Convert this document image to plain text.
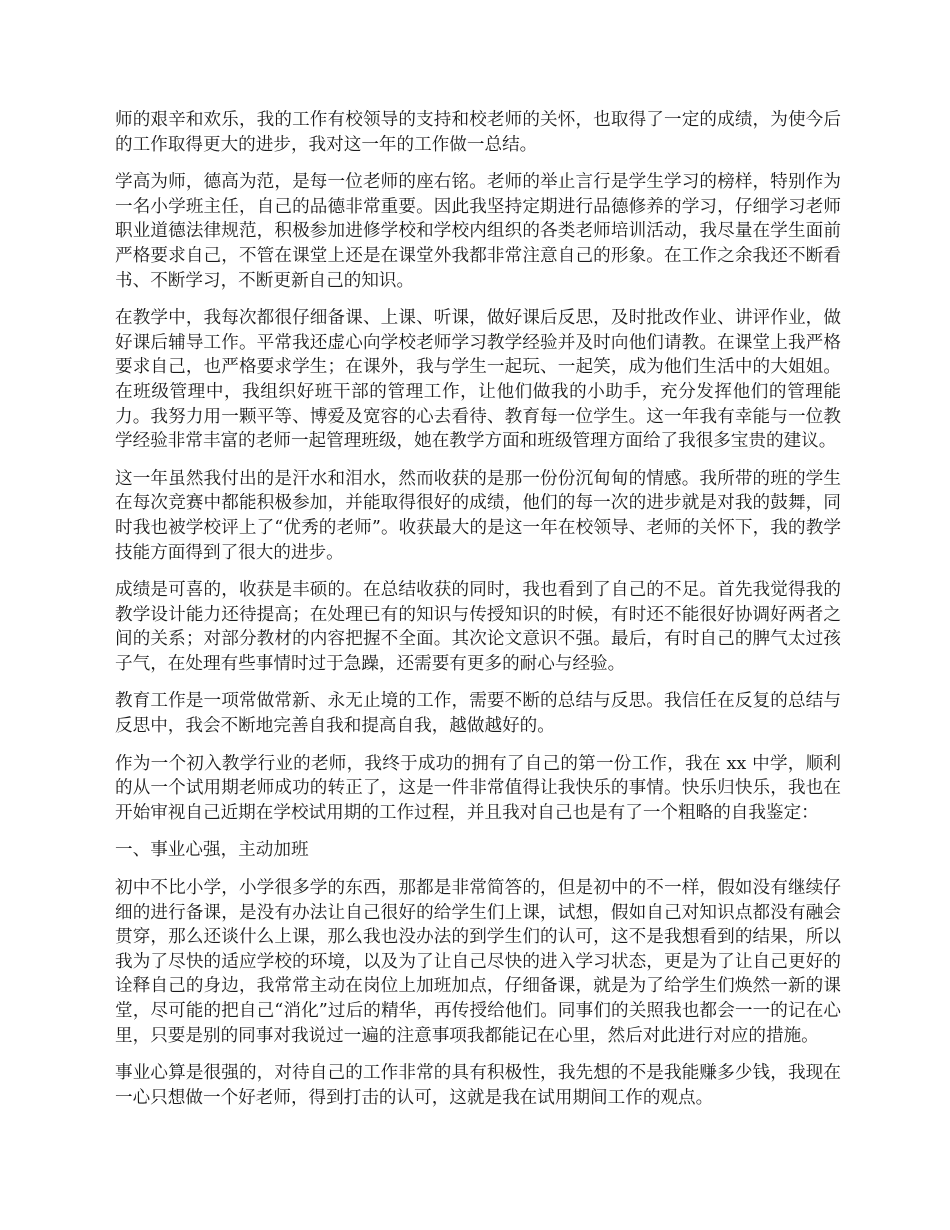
师的艰辛和欢乐，我的工作有校领导的支持和校老师的关怀，也取得了一定的成绩，为使今后的工作取得更大的进步，我对这一年的工作做一总结。

学高为师，德高为范，是每一位老师的座右铭。老师的举止言行是学生学习的榜样，特别作为一名小学班主任，自己的品德非常重要。因此我坚持定期进行品德修养的学习，仔细学习老师职业道德法律规范，积极参加进修学校和学校内组织的各类老师培训活动，我尽量在学生面前严格要求自己，不管在课堂上还是在课堂外我都非常注意自己的形象。在工作之余我还不断看书、不断学习，不断更新自己的知识。

在教学中，我每次都很仔细备课、上课、听课，做好课后反思，及时批改作业、讲评作业，做好课后辅导工作。平常我还虚心向学校老师学习教学经验并及时向他们请教。在课堂上我严格要求自己，也严格要求学生；在课外，我与学生一起玩、一起笑，成为他们生活中的大姐姐。在班级管理中，我组织好班干部的管理工作，让他们做我的小助手，充分发挥他们的管理能力。我努力用一颗平等、博爱及宽容的心去看待、教育每一位学生。这一年我有幸能与一位教学经验非常丰富的老师一起管理班级，她在教学方面和班级管理方面给了我很多宝贵的建议。

这一年虽然我付出的是汗水和泪水，然而收获的是那一份份沉甸甸的情感。我所带的班的学生在每次竞赛中都能积极参加，并能取得很好的成绩，他们的每一次的进步就是对我的鼓舞，同时我也被学校评上了“优秀的老师”。收获最大的是这一年在校领导、老师的关怀下，我的教学技能方面得到了很大的进步。

成绩是可喜的，收获是丰硕的。在总结收获的同时，我也看到了自己的不足。首先我觉得我的教学设计能力还待提高；在处理已有的知识与传授知识的时候，有时还不能很好协调好两者之间的关系；对部分教材的内容把握不全面。其次论文意识不强。最后，有时自己的脾气太过孩子气，在处理有些事情时过于急躁，还需要有更多的耐心与经验。

教育工作是一项常做常新、永无止境的工作，需要不断的总结与反思。我信任在反复的总结与反思中，我会不断地完善自我和提高自我，越做越好的。

作为一个初入教学行业的老师，我终于成功的拥有了自己的第一份工作，我在 xx 中学，顺利的从一个试用期老师成功的转正了，这是一件非常值得让我快乐的事情。快乐归快乐，我也在开始审视自己近期在学校试用期的工作过程，并且我对自己也是有了一个粗略的自我鉴定：

一、事业心强，主动加班

初中不比小学，小学很多学的东西，那都是非常简答的，但是初中的不一样，假如没有继续仔细的进行备课，是没有办法让自己很好的给学生们上课，试想，假如自己对知识点都没有融会贯穿，那么还谈什么上课，那么我也没办法的到学生们的认可，这不是我想看到的结果，所以我为了尽快的适应学校的环境，以及为了让自己尽快的进入学习状态，更是为了让自己更好的诠释自己的身边，我常常主动在岗位上加班加点，仔细备课，就是为了给学生们焕然一新的课堂，尽可能的把自己“消化”过后的精华，再传授给他们。同事们的关照我也都会一一的记在心里，只要是别的同事对我说过一遍的注意事项我都能记在心里，然后对此进行对应的措施。

事业心算是很强的，对待自己的工作非常的具有积极性，我先想的不是我能赚多少钱，我现在一心只想做一个好老师，得到打击的认可，这就是我在试用期间工作的观点。
